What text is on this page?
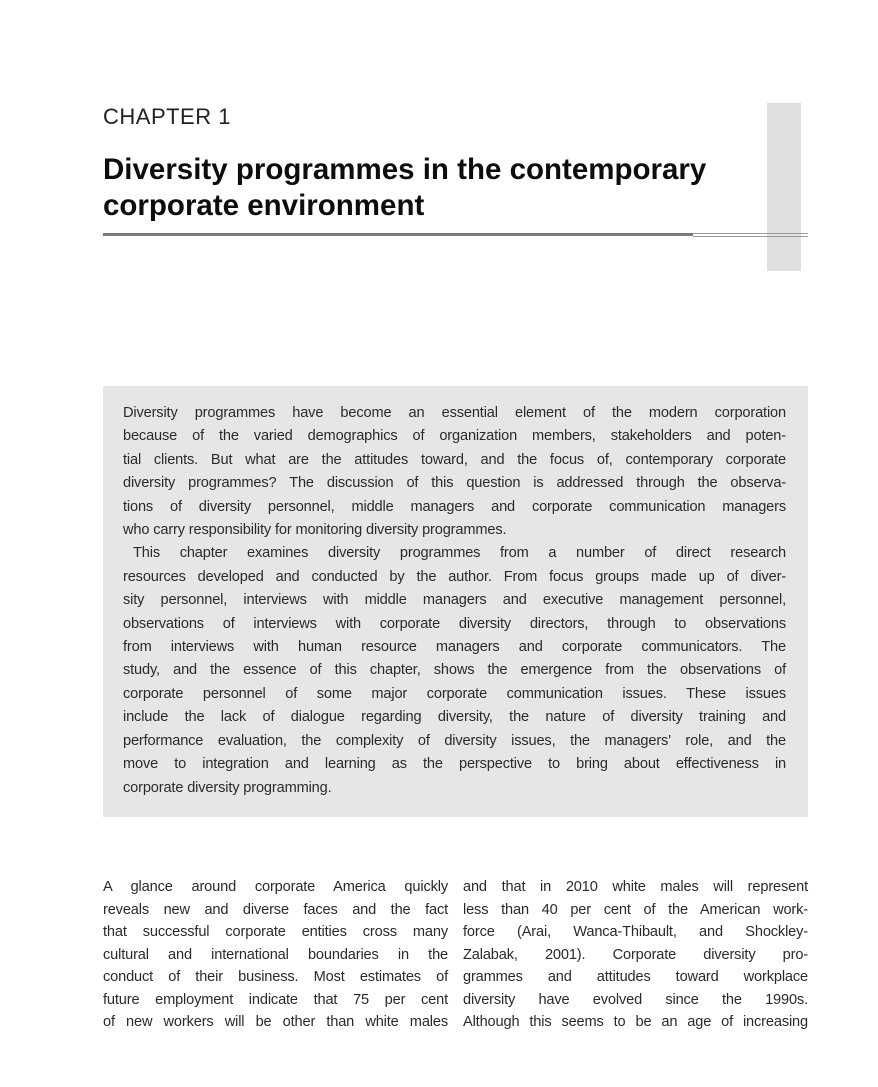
CHAPTER 1
Diversity programmes in the contemporary
corporate environment
Diversity programmes have become an essential element of the modern corporation
because of the varied demographics of organization members, stakeholders and poten-
tial clients. But what are the attitudes toward, and the focus of, contemporary corporate
diversity programmes? The discussion of this question is addressed through the observa-
tions of diversity personnel, middle managers and corporate communication managers
who carry responsibility for monitoring diversity programmes.
This chapter examines diversity programmes from a number of direct research
resources developed and conducted by the author. From focus groups made up of diver-
sity personnel, interviews with middle managers and executive management personnel,
observations of interviews with corporate diversity directors, through to observations
from interviews with human resource managers and corporate communicators. The
study, and the essence of this chapter, shows the emergence from the observations of
corporate personnel of some major corporate communication issues. These issues
include the lack of dialogue regarding diversity, the nature of diversity training and
performance evaluation, the complexity of diversity issues, the managers' role, and the
move to integration and learning as the perspective to bring about effectiveness in
corporate diversity programming.
A glance around corporate America quickly
reveals new and diverse faces and the fact
that successful corporate entities cross many
cultural and international boundaries in the
conduct of their business. Most estimates of
future employment indicate that 75 per cent
of new workers will be other than white males
and that in 2010 white males will represent
less than 40 per cent of the American work-
force (Arai, Wanca-Thibault, and Shockley-
Zalabak, 2001). Corporate diversity pro-
grammes and attitudes toward workplace
diversity have evolved since the 1990s.
Although this seems to be an age of increasing
